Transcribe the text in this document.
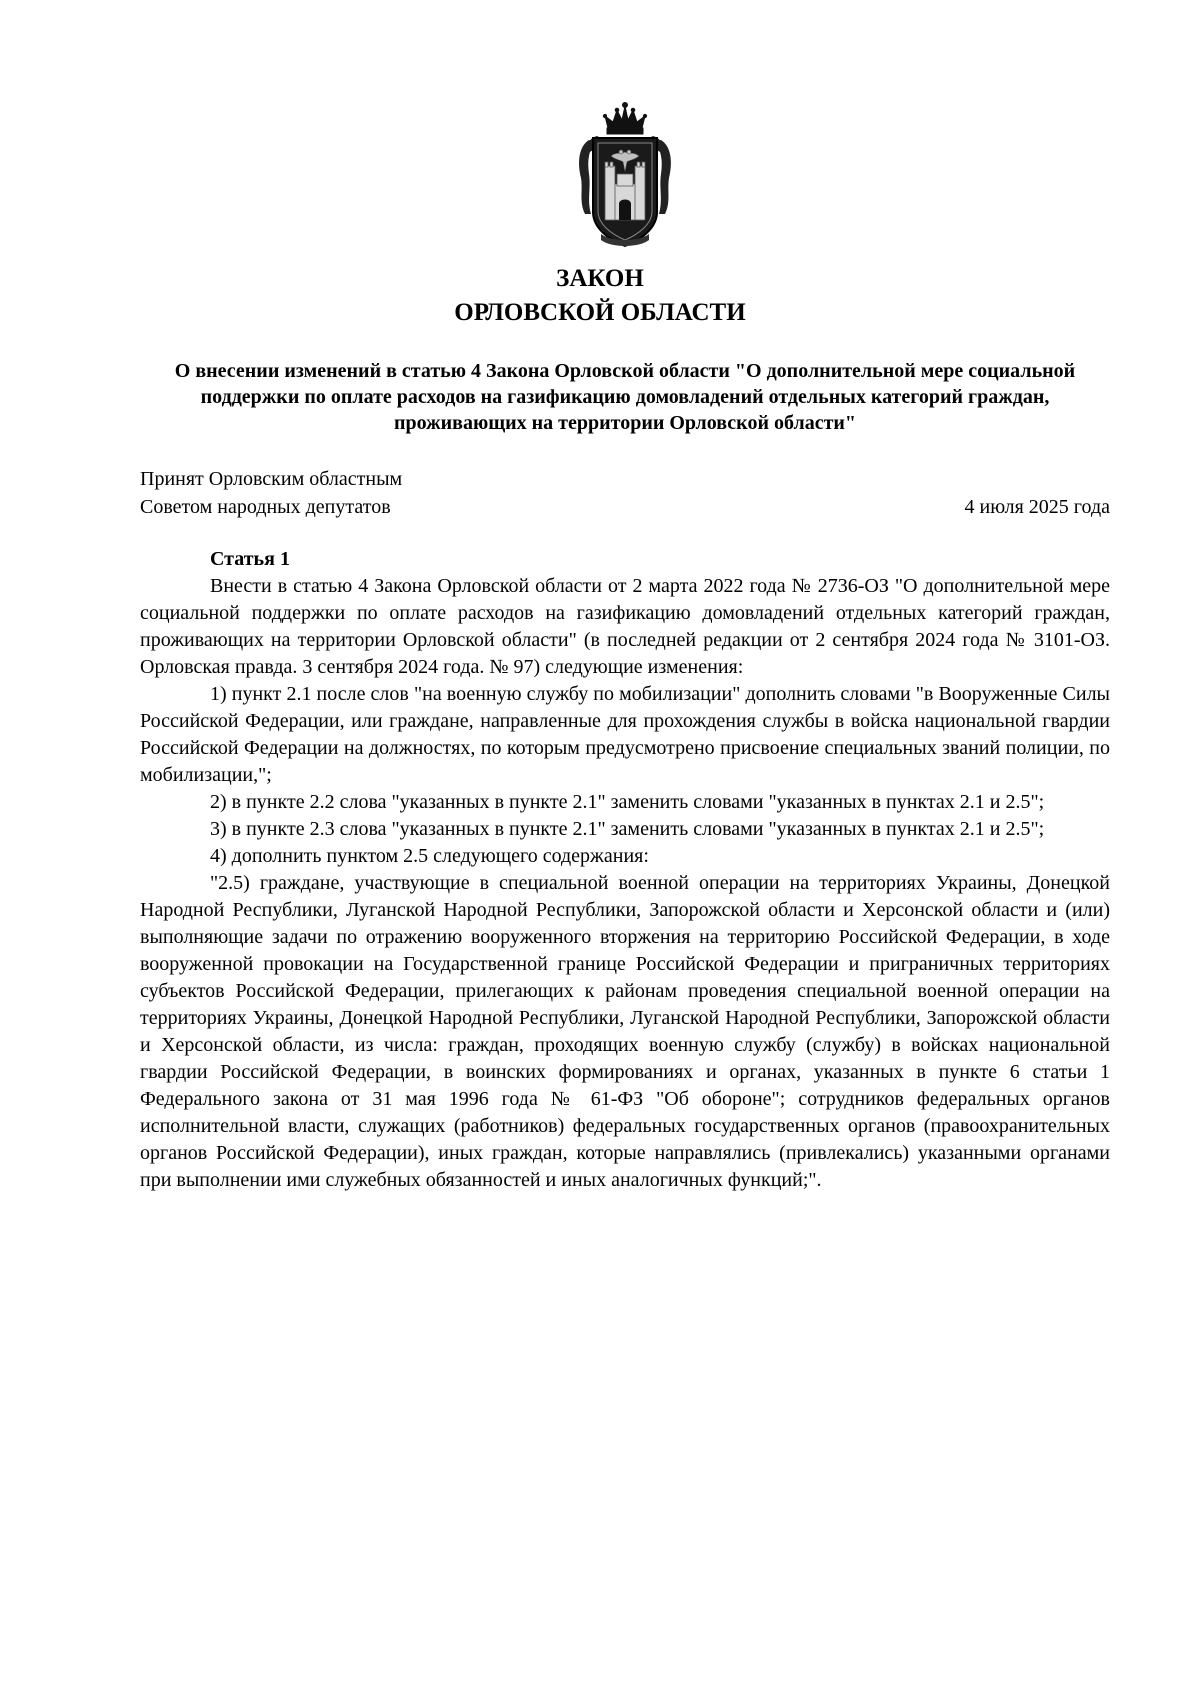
ЗАКОН
ОРЛОВСКОЙ ОБЛАСТИ
О внесении изменений в статью 4 Закона Орловской области "О дополнительной мере социальной поддержки по оплате расходов на газификацию домовладений отдельных категорий граждан, проживающих на территории Орловской области"
Принят Орловским областным
Советом народных депутатов	4 июля 2025 года

Статья 1

Внести в статью 4 Закона Орловской области от 2 марта 2022 года № 2736-ОЗ "О дополнительной мере социальной поддержки по оплате расходов на газификацию домовладений отдельных категорий граждан, проживающих на территории Орловской области" (в последней редакции от 2 сентября 2024 года № 3101-ОЗ. Орловская правда. 3 сентября 2024 года. № 97) следующие изменения:

1) пункт 2.1 после слов "на военную службу по мобилизации" дополнить словами "в Вооруженные Силы Российской Федерации, или граждане, направленные для прохождения службы в войска национальной гвардии Российской Федерации на должностях, по которым предусмотрено присвоение специальных званий полиции, по мобилизации,";

2) в пункте 2.2 слова "указанных в пункте 2.1" заменить словами "указанных в пунктах 2.1 и 2.5";

3) в пункте 2.3 слова "указанных в пункте 2.1" заменить словами "указанных в пунктах 2.1 и 2.5";

4) дополнить пунктом 2.5 следующего содержания:

"2.5) граждане, участвующие в специальной военной операции на территориях Украины, Донецкой Народной Республики, Луганской Народной Республики, Запорожской области и Херсонской области и (или) выполняющие задачи по отражению вооруженного вторжения на территорию Российской Федерации, в ходе вооруженной провокации на Государственной границе Российской Федерации и приграничных территориях субъектов Российской Федерации, прилегающих к районам проведения специальной военной операции на территориях Украины, Донецкой Народной Республики, Луганской Народной Республики, Запорожской области и Херсонской области, из числа: граждан, проходящих военную службу (службу) в войсках национальной гвардии Российской Федерации, в воинских формированиях и органах, указанных в пункте 6 статьи 1 Федерального закона от 31 мая 1996 года № 61-ФЗ "Об обороне"; сотрудников федеральных органов исполнительной власти, служащих (работников) федеральных государственных органов (правоохранительных органов Российской Федерации), иных граждан, которые направлялись (привлекались) указанными органами при выполнении ими служебных обязанностей и иных аналогичных функций;".
